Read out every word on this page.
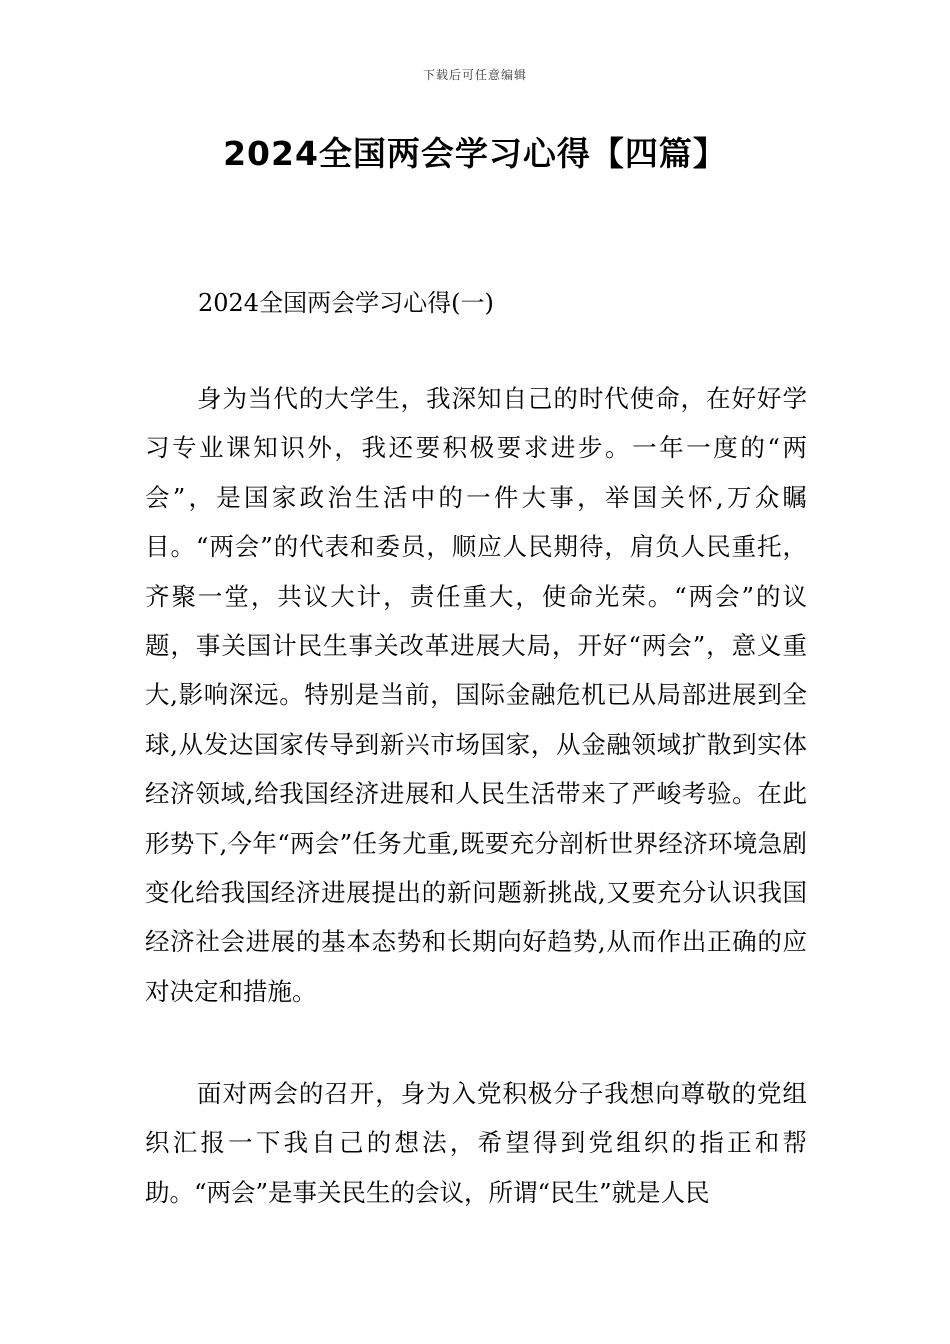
下载后可任意编辑
2024全国两会学习心得【四篇】
2024全国两会学习心得(一)

身为当代的大学生，我深知自己的时代使命，在好好学习专业课知识外，我还要积极要求进步。一年一度的“两会”，是国家政治生活中的一件大事，举国关怀,万众瞩目。“两会”的代表和委员，顺应人民期待，肩负人民重托，齐聚一堂，共议大计，责任重大，使命光荣。“两会”的议题，事关国计民生事关改革进展大局，开好“两会”，意义重大,影响深远。特别是当前，国际金融危机已从局部进展到全球,从发达国家传导到新兴市场国家，从金融领域扩散到实体经济领域,给我国经济进展和人民生活带来了严峻考验。在此形势下,今年“两会”任务尤重,既要充分剖析世界经济环境急剧变化给我国经济进展提出的新问题新挑战,又要充分认识我国经济社会进展的基本态势和长期向好趋势,从而作出正确的应对决定和措施。

面对两会的召开，身为入党积极分子我想向尊敬的党组织汇报一下我自己的想法，希望得到党组织的指正和帮助。“两会”是事关民生的会议，所谓“民生”就是人民
